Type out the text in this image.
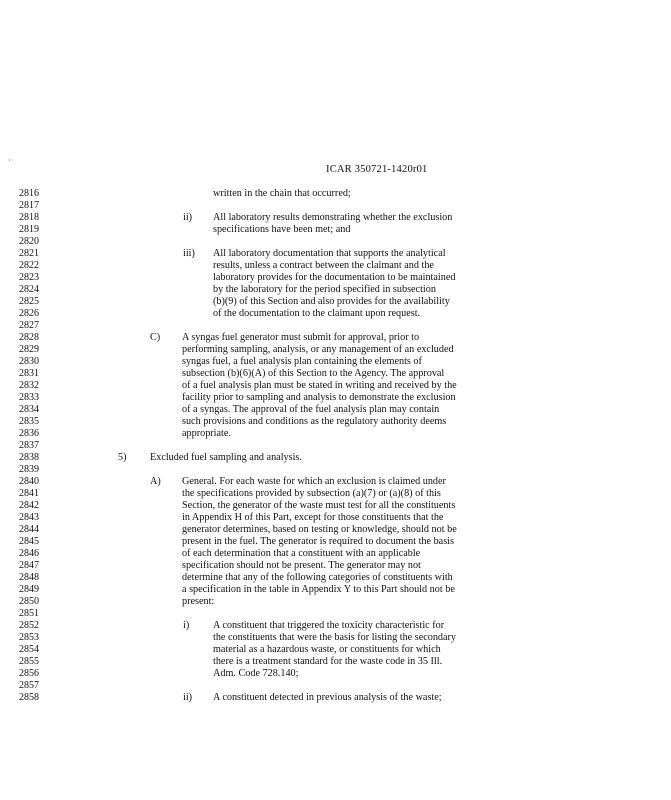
·
ICAR 350721-1420r01
2816
2817
2818
2819
2820
2821
2822
2823
2824
2825
2826
2827
2828
2829
2830
2831
2832
2833
2834
2835
2836
2837
2838
2839
2840
2841
2842
2843
2844
2845
2846
2847
2848
2849
2850
2851
2852
2853
2854
2855
2856
2857
2858
ii)
iii)
C)
5)
A)
i)
ii)
written in the chain that occurred;
All laboratory results demonstrating whether the exclusion
specifications have been met; and
All laboratory documentation that supports the analytical
results, unless a contract between the claimant and the
laboratory provides for the documentation to be maintained
by the laboratory for the period specified in subsection
(b)(9) of this Section and also provides for the availability
of the documentation to the claimant upon request.
A syngas fuel generator must submit for approval, prior to
performing sampling, analysis, or any management of an excluded
syngas fuel, a fuel analysis plan containing the elements of
subsection (b)(6)(A) of this Section to the Agency. The approval
of a fuel analysis plan must be stated in writing and received by the
facility prior to sampling and analysis to demonstrate the exclusion
of a syngas. The approval of the fuel analysis plan may contain
such provisions and conditions as the regulatory authority deems
appropriate.
Excluded fuel sampling and analysis.
General. For each waste for which an exclusion is claimed under
the specifications provided by subsection (a)(7) or (a)(8) of this
Section, the generator of the waste must test for all the constituents
in Appendix H of this Part, except for those constituents that the
generator determines, based on testing or knowledge, should not be
present in the fuel. The generator is required to document the basis
of each determination that a constituent with an applicable
specification should not be present. The generator may not
determine that any of the following categories of constituents with
a specification in the table in Appendix Y to this Part should not be
present:
A constituent that triggered the toxicity characteristic for
the constituents that were the basis for listing the secondary
material as a hazardous waste, or constituents for which
there is a treatment standard for the waste code in 35 Ill.
Adm. Code 728.140;
A constituent detected in previous analysis of the waste;
